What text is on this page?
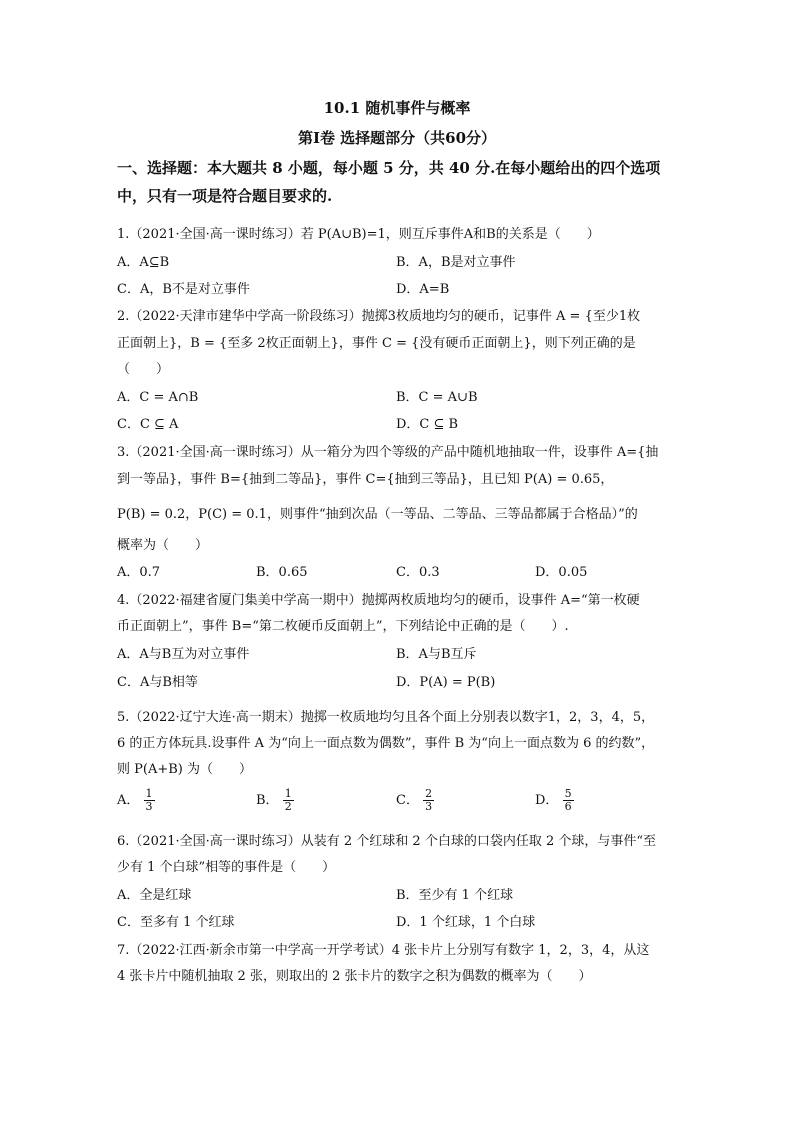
10.1 随机事件与概率
第Ⅰ卷 选择题部分（共60分）
一、选择题：本大题共 8 小题，每小题 5 分，共 40 分.在每小题给出的四个选项
中，只有一项是符合题目要求的.
1.（2021·全国·高一课时练习）若 P(A∪B)=1，则互斥事件A和B的关系是（　　）
A．A⊆B	B．A，B是对立事件
C．A，B不是对立事件	D．A=B
2.（2022·天津市建华中学高一阶段练习）抛掷3枚质地均匀的硬币，记事件 A = {至少1枚
正面朝上}，B = {至多 2枚正面朝上}，事件 C = {没有硬币正面朝上}，则下列正确的是
（　　）
A．C = A∩B	B．C = A∪B
C．C ⊆ A	D．C ⊆ B
3.（2021·全国·高一课时练习）从一箱分为四个等级的产品中随机地抽取一件，设事件 A={抽
到一等品}，事件 B={抽到二等品}，事件 C={抽到三等品}，且已知 P(A) = 0.65，
P(B) = 0.2，P(C) = 0.1，则事件“抽到次品（一等品、二等品、三等品都属于合格品）”的
概率为（　　）
A．0.7	B．0.65	C．0.3	D．0.05
4.（2022·福建省厦门集美中学高一期中）抛掷两枚质地均匀的硬币，设事件 A=“第一枚硬
币正面朝上”，事件 B=“第二枚硬币反面朝上”，下列结论中正确的是（　　）.
A．A与B互为对立事件	B．A与B互斥
C．A与B相等	D．P(A) = P(B)
5.（2022·辽宁大连·高一期末）抛掷一枚质地均匀且各个面上分别表以数字1，2，3，4，5，
6 的正方体玩具.设事件 A 为“向上一面点数为偶数”，事件 B 为“向上一面点数为 6 的约数”，
则 P(A+B) 为（　　）
A． $\frac{1}{3}$	B． $\frac{1}{2}$	C． $\frac{2}{3}$	D． $\frac{5}{6}$
6.（2021·全国·高一课时练习）从装有 2 个红球和 2 个白球的口袋内任取 2 个球，与事件“至
少有 1 个白球”相等的事件是（　　）
A．全是红球	B．至少有 1 个红球
C．至多有 1 个红球	D．1 个红球，1 个白球
7.（2022·江西·新余市第一中学高一开学考试）4 张卡片上分别写有数字 1，2，3，4，从这
4 张卡片中随机抽取 2 张，则取出的 2 张卡片的数字之积为偶数的概率为（　　）
